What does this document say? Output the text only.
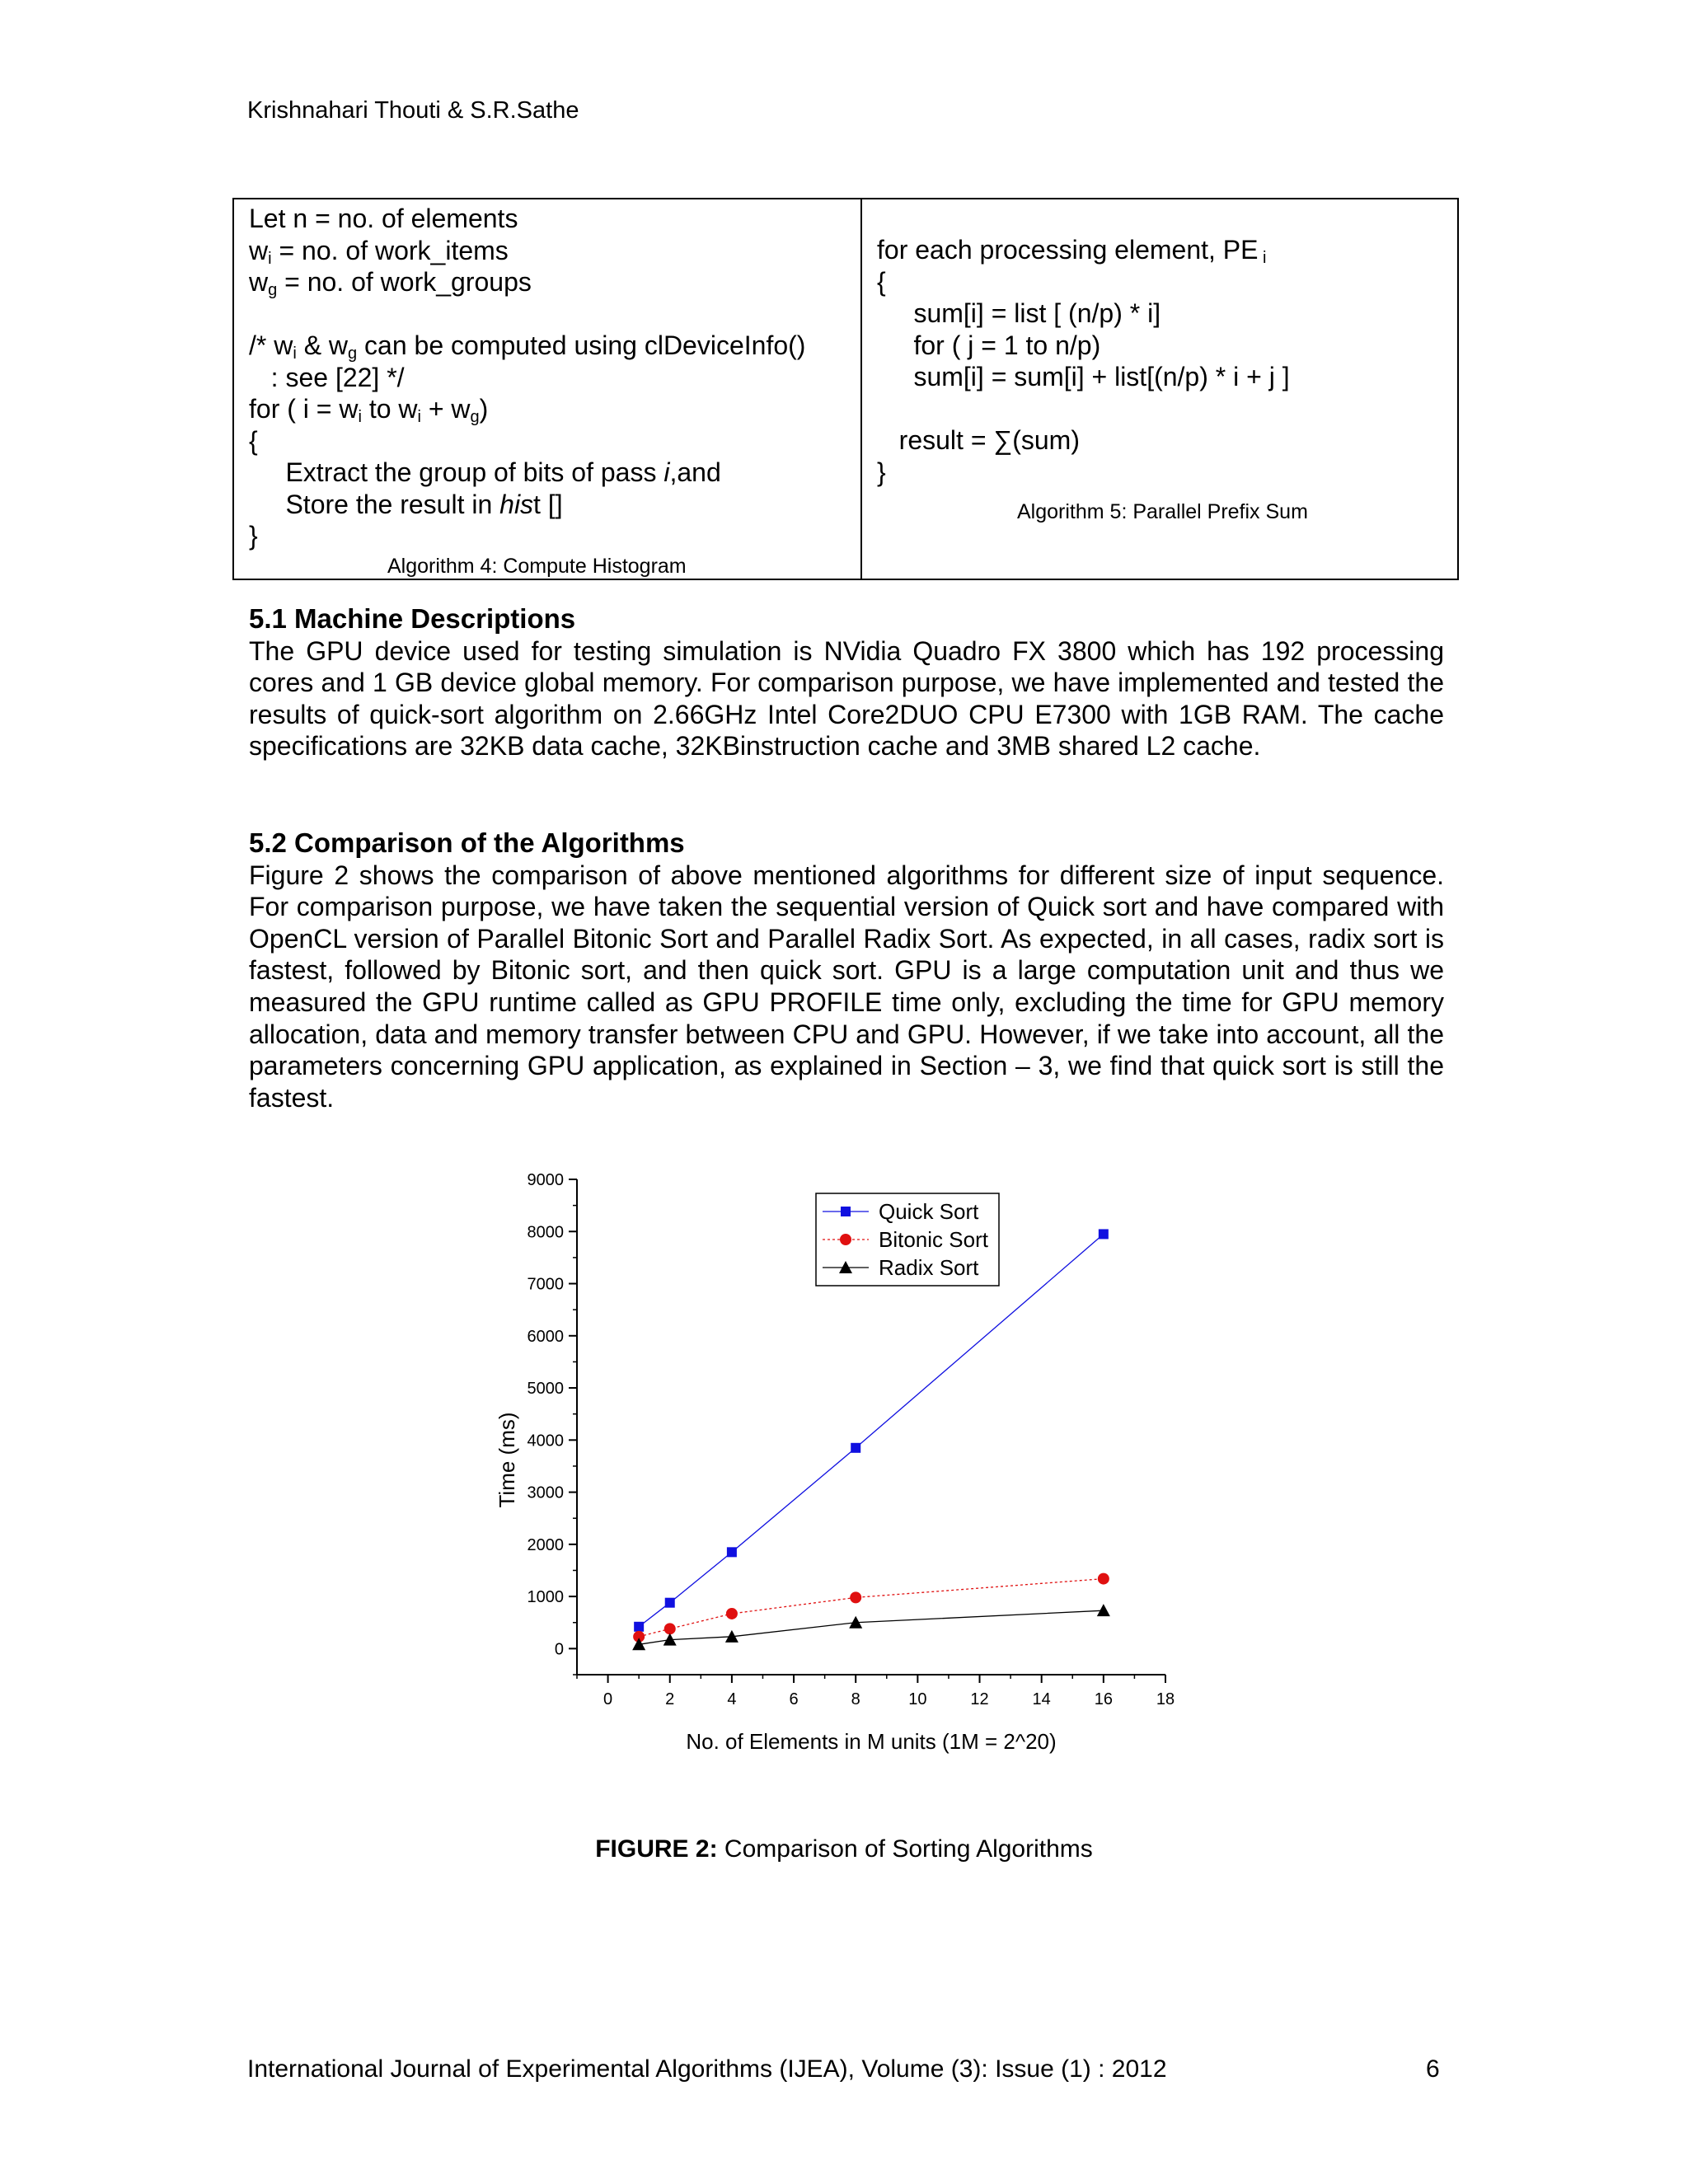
Krishnahari Thouti & S.R.Sathe
Let n = no. of elements
$w_i$ = no. of work_items
$w_g$ = no. of work_groups

/* $w_i$ & $w_g$ can be computed using clDeviceInfo()
: see [22] */
for ( $i = w_i$ to $w_i + w_g$)
{
Extract the group of bits of pass i,and
Store the result in hist []
}
Algorithm 4: Compute Histogram

for each processing element, PE $_i$
{
sum[i] = list [ (n/p) * i]
for ( j = 1 to n/p)
sum[i] = sum[i] + list[(n/p) * i + j ]

result = ∑(sum)
}
Algorithm 5: Parallel Prefix Sum
5.1 Machine Descriptions

The GPU device used for testing simulation is NVidia Quadro FX 3800 which has 192 processing cores and 1 GB device global memory. For comparison purpose, we have implemented and tested the results of quick-sort algorithm on 2.66GHz Intel Core2DUO CPU E7300 with 1GB RAM. The cache specifications are 32KB data cache, 32KBinstruction cache and 3MB shared L2 cache.

5.2 Comparison of the Algorithms

Figure 2 shows the comparison of above mentioned algorithms for different size of input sequence. For comparison purpose, we have taken the sequential version of Quick sort and have compared with OpenCL version of Parallel Bitonic Sort and Parallel Radix Sort. As expected, in all cases, radix sort is fastest, followed by Bitonic sort, and then quick sort. GPU is a large computation unit and thus we measured the GPU runtime called as GPU PROFILE time only, excluding the time for GPU memory allocation, data and memory transfer between CPU and GPU. However, if we take into account, all the parameters concerning GPU application, as explained in Section – 3, we find that quick sort is still the fastest.

0
1000
2000
3000
4000
5000
6000
7000
8000
9000
0	2	4	6	8	10	12	14	16	18
No. of Elements in M units (1M = 2^20)
Time (ms)
Quick Sort
Bitonic Sort
Radix Sort
FIGURE 2: Comparison of Sorting Algorithms
International Journal of Experimental Algorithms (IJEA), Volume (3): Issue (1) : 2012	6
